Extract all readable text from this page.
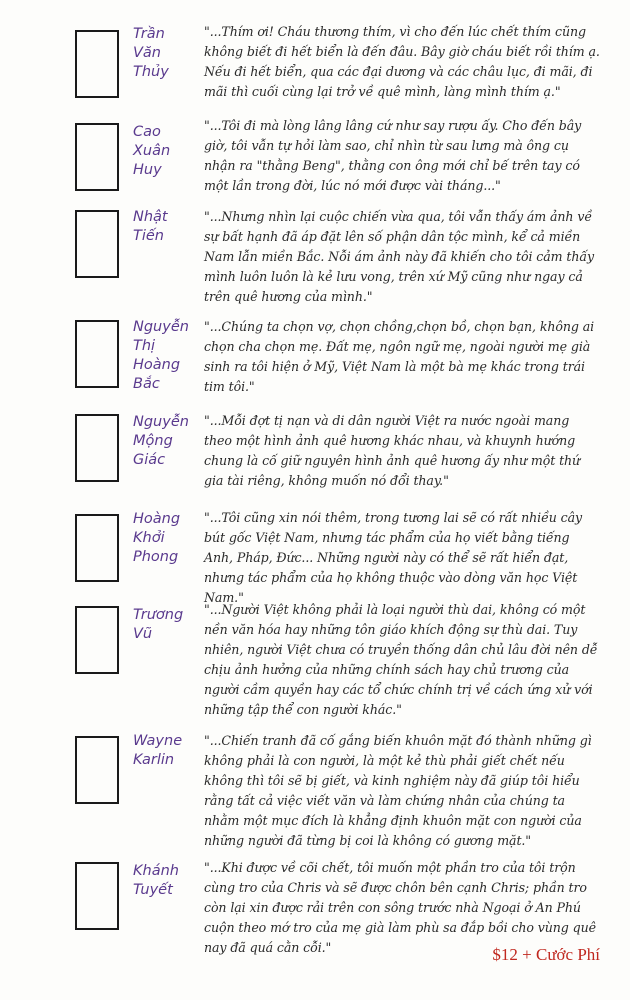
Trần
Văn
Thủy

"...Thím ơi! Cháu thương thím, vì cho đến lúc chết thím cũng không biết đi hết biển là đến đâu. Bây giờ cháu biết rồi thím ạ. Nếu đi hết biển, qua các đại dương và các châu lục, đi mãi, đi mãi thì cuối cùng lại trở về quê mình, làng mình thím ạ."

Cao
Xuân
Huy

"...Tôi đi mà lòng lâng lâng cứ như say rượu ấy. Cho đến bây giờ, tôi vẫn tự hỏi làm sao, chỉ nhìn từ sau lưng mà ông cụ nhận ra "thằng Beng", thằng con ông mới chỉ bế trên tay có một lần trong đời, lúc nó mới được vài tháng..."

Nhật
Tiến

"...Nhưng nhìn lại cuộc chiến vừa qua, tôi vẫn thấy ám ảnh về sự bất hạnh đã áp đặt lên số phận dân tộc mình, kể cả miền Nam lẫn miền Bắc. Nỗi ám ảnh này đã khiến cho tôi cảm thấy mình luôn luôn là kẻ lưu vong, trên xứ Mỹ cũng như ngay cả trên quê hương của mình."

Nguyễn
Thị
Hoàng
Bắc

"...Chúng ta chọn vợ, chọn chồng,chọn bồ, chọn bạn, không ai chọn cha chọn mẹ. Đất mẹ, ngôn ngữ mẹ, ngoài người mẹ già sinh ra tôi hiện ở Mỹ, Việt Nam là một bà mẹ khác trong trái tim tôi."

Nguyễn
Mộng
Giác

"...Mỗi đợt tị nạn và di dân người Việt ra nước ngoài mang theo một hình ảnh quê hương khác nhau, và khuynh hướng chung là cố giữ nguyên hình ảnh quê hương ấy như một thứ gia tài riêng, không muốn nó đổi thay."

Hoàng
Khởi
Phong

"...Tôi cũng xin nói thêm, trong tương lai sẽ có rất nhiều cây bút gốc Việt Nam, nhưng tác phẩm của họ viết bằng tiếng Anh, Pháp, Đức... Những người này có thể sẽ rất hiển đạt, nhưng tác phẩm của họ không thuộc vào dòng văn học Việt Nam."

Trương
Vũ

"...Người Việt không phải là loại người thù dai, không có một nền văn hóa hay những tôn giáo khích động sự thù dai. Tuy nhiên, người Việt chưa có truyền thống dân chủ lâu đời nên dễ chịu ảnh hưởng của những chính sách hay chủ trương của người cầm quyền hay các tổ chức chính trị về cách ứng xử với những tập thể con người khác."

Wayne
Karlin

"...Chiến tranh đã cố gắng biến khuôn mặt đó thành những gì không phải là con người, là một kẻ thù phải giết chết nếu không thì tôi sẽ bị giết, và kinh nghiệm này đã giúp tôi hiểu rằng tất cả việc viết văn và làm chứng nhân của chúng ta nhằm một mục đích là khẳng định khuôn mặt con người của những người đã từng bị coi là không có gương mặt."

Khánh
Tuyết

"...Khi được về cõi chết, tôi muốn một phần tro của tôi trộn cùng tro của Chris và sẽ được chôn bên cạnh Chris; phần tro còn lại xin được rải trên con sông trước nhà Ngoại ở An Phú cuộn theo mớ tro của mẹ già làm phù sa đắp bồi cho vùng quê nay đã quá cằn cỗi."	$12 + Cước Phí
